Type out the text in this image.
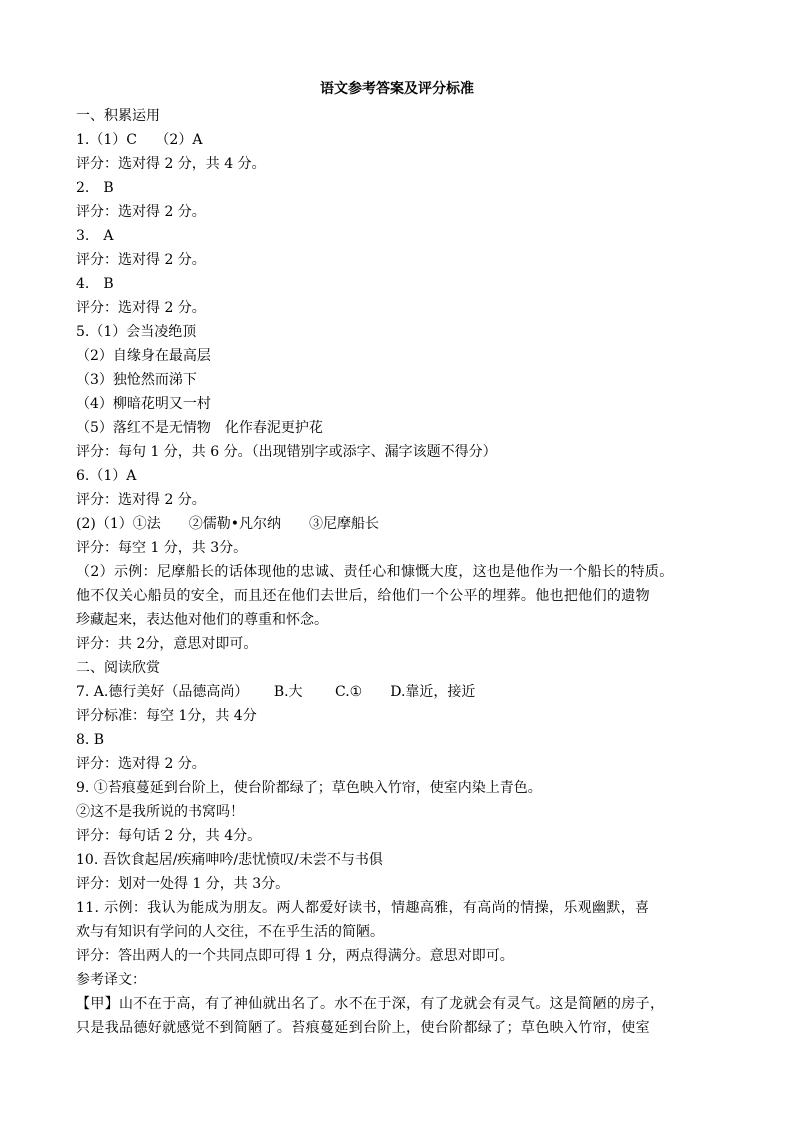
语文参考答案及评分标准

一、积累运用

1.（1）C　 （2）A

评分：选对得 2 分，共 4 分。

2.　B

评分：选对得 2 分。

3.　A

评分：选对得 2 分。

4.　B

评分：选对得 2 分。

5.（1）会当凌绝顶

（2）自缘身在最高层

（3）独怆然而涕下

（4）柳暗花明又一村

（5）落红不是无情物　化作春泥更护花

评分：每句 1 分，共 6 分。（出现错别字或添字、漏字该题不得分）

6.（1）A

评分：选对得 2 分。

(2)（1）①法　　②儒勒•凡尔纳　　③尼摩船长

评分：每空 1 分，共 3分。

（2）示例：尼摩船长的话体现他的忠诚、责任心和慷慨大度，这也是他作为一个船长的特质。

他不仅关心船员的安全，而且还在他们去世后，给他们一个公平的埋葬。他也把他们的遗物

珍藏起来，表达他对他们的尊重和怀念。

评分：共 2分，意思对即可。

二、阅读欣赏

7. A.德行美好（品德高尚）　　 B.大　　 C.①　　D.靠近，接近

评分标准：每空 1分，共 4分

8. B

评分：选对得 2 分。

9. ①苔痕蔓延到台阶上，使台阶都绿了；草色映入竹帘，使室内染上青色。

②这不是我所说的书窝吗！

评分：每句话 2 分，共 4分。

10. 吾饮食起居/疾痛呻吟/悲忧愤叹/未尝不与书俱

评分：划对一处得 1 分，共 3分。

11. 示例：我认为能成为朋友。两人都爱好读书，情趣高雅，有高尚的情操，乐观幽默，喜

欢与有知识有学问的人交往，不在乎生活的简陋。

评分：答出两人的一个共同点即可得 1 分，两点得满分。意思对即可。

参考译文：

【甲】山不在于高，有了神仙就出名了。水不在于深，有了龙就会有灵气。这是简陋的房子，

只是我品德好就感觉不到简陋了。苔痕蔓延到台阶上，使台阶都绿了；草色映入竹帘，使室
